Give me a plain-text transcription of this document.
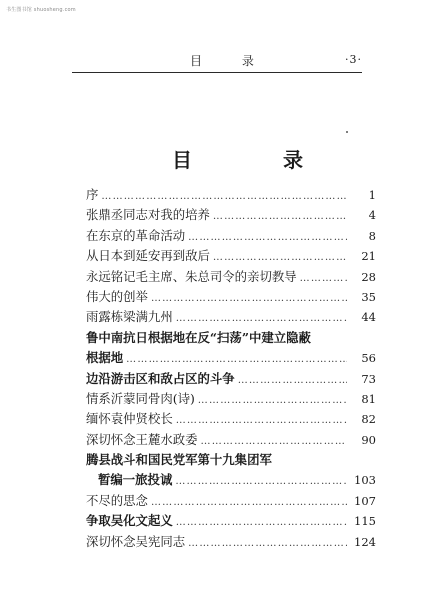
书生图书馆 shuosheng.com
目 录	·3·
目 录
序 …………………………………………………………………………………………	1
张鼎丞同志对我的培养 …………………………………………………………………………………………	4
在东京的革命活动 …………………………………………………………………………………………	8
从日本到延安再到敌后 …………………………………………………………………………………………	21
永远铭记毛主席、朱总司令的亲切教导 …………………………………………………………………………………………	28
伟大的创举 …………………………………………………………………………………………	35
雨露栋梁满九州 …………………………………………………………………………………………	44
鲁中南抗日根据地在反“扫荡”中建立隐蔽
根据地 …………………………………………………………………………………………	56
边沿游击区和敌占区的斗争 …………………………………………………………………………………………	73
情系沂蒙同骨肉(诗) …………………………………………………………………………………………	81
缅怀袁仲贤校长 …………………………………………………………………………………………	82
深切怀念王麓水政委 …………………………………………………………………………………………	90
腾县战斗和国民党军第十九集团军
暂编一旅投诚 …………………………………………………………………………………………	103
不尽的思念 …………………………………………………………………………………………	107
争取吴化文起义 …………………………………………………………………………………………	115
深切怀念吴宪同志 …………………………………………………………………………………………	124
